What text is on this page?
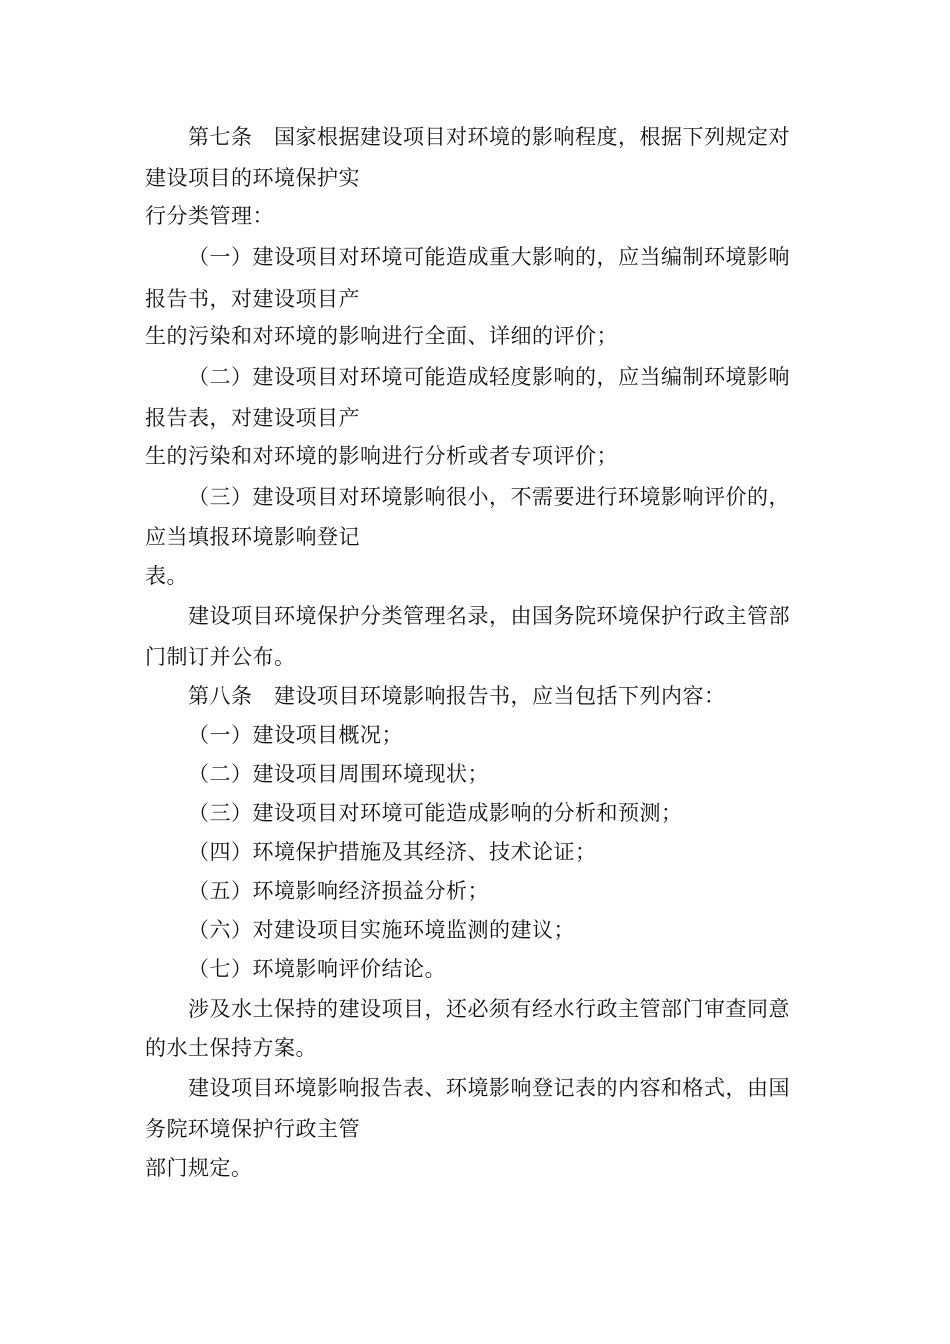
第七条　国家根据建设项目对环境的影响程度，根据下列规定对
建设项目的环境保护实
行分类管理：
（一）建设项目对环境可能造成重大影响的，应当编制环境影响
报告书，对建设项目产
生的污染和对环境的影响进行全面、详细的评价；
（二）建设项目对环境可能造成轻度影响的，应当编制环境影响
报告表，对建设项目产
生的污染和对环境的影响进行分析或者专项评价；
（三）建设项目对环境影响很小，不需要进行环境影响评价的，
应当填报环境影响登记
表。
建设项目环境保护分类管理名录，由国务院环境保护行政主管部
门制订并公布。
第八条　建设项目环境影响报告书，应当包括下列内容：
（一）建设项目概况；
（二）建设项目周围环境现状；
（三）建设项目对环境可能造成影响的分析和预测；
（四）环境保护措施及其经济、技术论证；
（五）环境影响经济损益分析；
（六）对建设项目实施环境监测的建议；
（七）环境影响评价结论。
涉及水土保持的建设项目，还必须有经水行政主管部门审查同意
的水土保持方案。
建设项目环境影响报告表、环境影响登记表的内容和格式，由国
务院环境保护行政主管
部门规定。
